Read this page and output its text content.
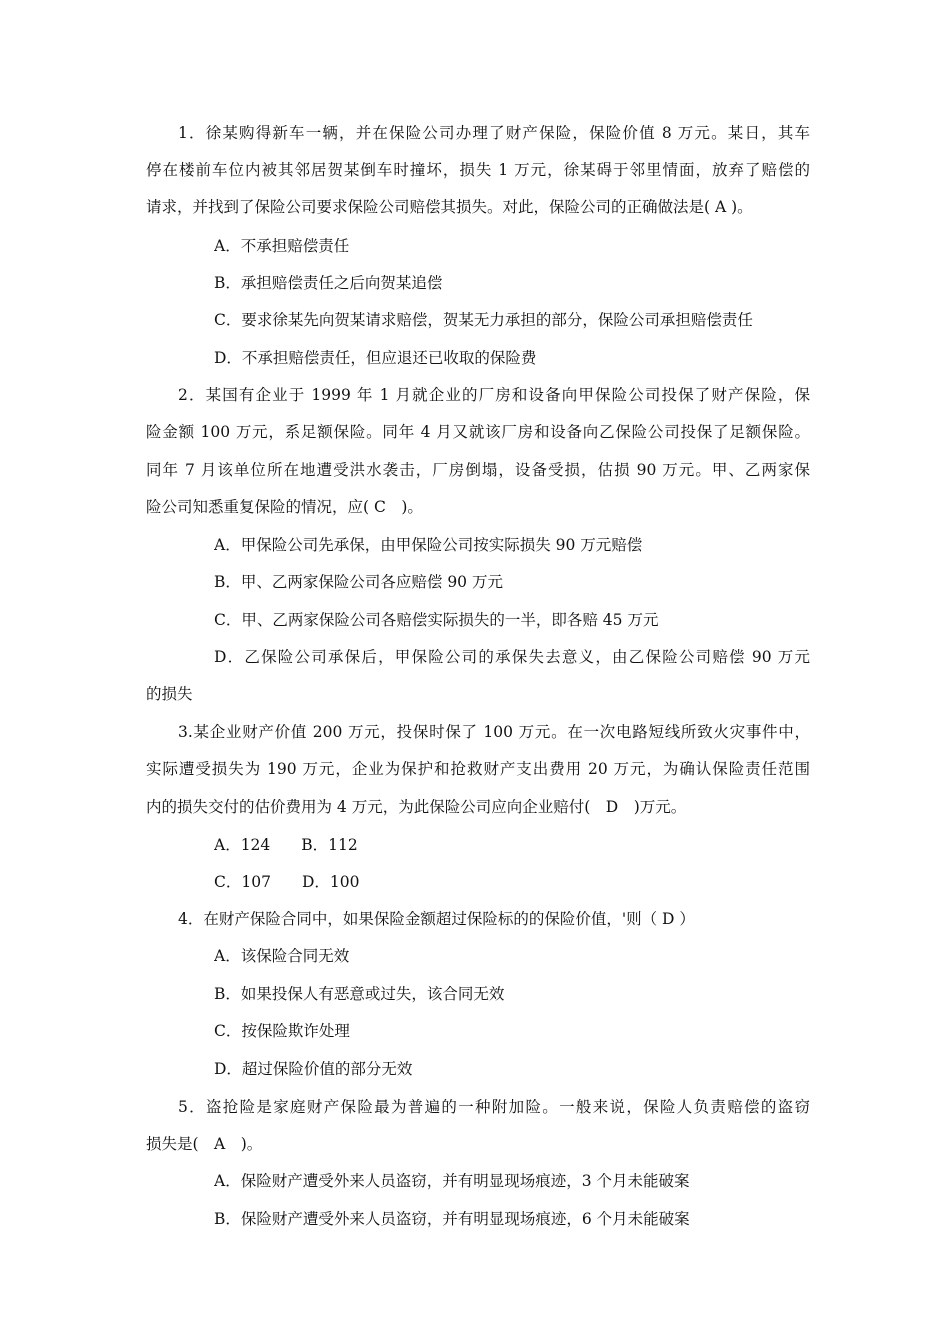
1．徐某购得新车一辆，并在保险公司办理了财产保险，保险价值 8 万元。某日，其车
停在楼前车位内被其邻居贺某倒车时撞坏，损失 1 万元，徐某碍于邻里情面，放弃了赔偿的
请求，并找到了保险公司要求保险公司赔偿其损失。对此，保险公司的正确做法是( A )。
A．不承担赔偿责任
B．承担赔偿责任之后向贺某追偿
C．要求徐某先向贺某请求赔偿，贺某无力承担的部分，保险公司承担赔偿责任
D．不承担赔偿责任，但应退还已收取的保险费
2．某国有企业于 1999 年 1 月就企业的厂房和设备向甲保险公司投保了财产保险，保
险金额 100 万元，系足额保险。同年 4 月又就该厂房和设备向乙保险公司投保了足额保险。
同年 7 月该单位所在地遭受洪水袭击，厂房倒塌，设备受损，估损 90 万元。甲、乙两家保
险公司知悉重复保险的情况，应( C　)。
A．甲保险公司先承保，由甲保险公司按实际损失 90 万元赔偿
B．甲、乙两家保险公司各应赔偿 90 万元
C．甲、乙两家保险公司各赔偿实际损失的一半，即各赔 45 万元
D．乙保险公司承保后，甲保险公司的承保失去意义，由乙保险公司赔偿 90 万元
的损失
3.某企业财产价值 200 万元，投保时保了 100 万元。在一次电路短线所致火灾事件中，
实际遭受损失为 190 万元，企业为保护和抢救财产支出费用 20 万元，为确认保险责任范围
内的损失交付的估价费用为 4 万元，为此保险公司应向企业赔付(　D　)万元。
A．124　　B．112
C．107　　D．100
4．在财产保险合同中，如果保险金额超过保险标的的保险价值，'则（ D ）
A．该保险合同无效
B．如果投保人有恶意或过失，该合同无效
C．按保险欺诈处理
D．超过保险价值的部分无效
5．盗抢险是家庭财产保险最为普遍的一种附加险。一般来说，保险人负责赔偿的盗窃
损失是(　A　)。
A．保险财产遭受外来人员盗窃，并有明显现场痕迹，3 个月未能破案
B．保险财产遭受外来人员盗窃，并有明显现场痕迹，6 个月未能破案
